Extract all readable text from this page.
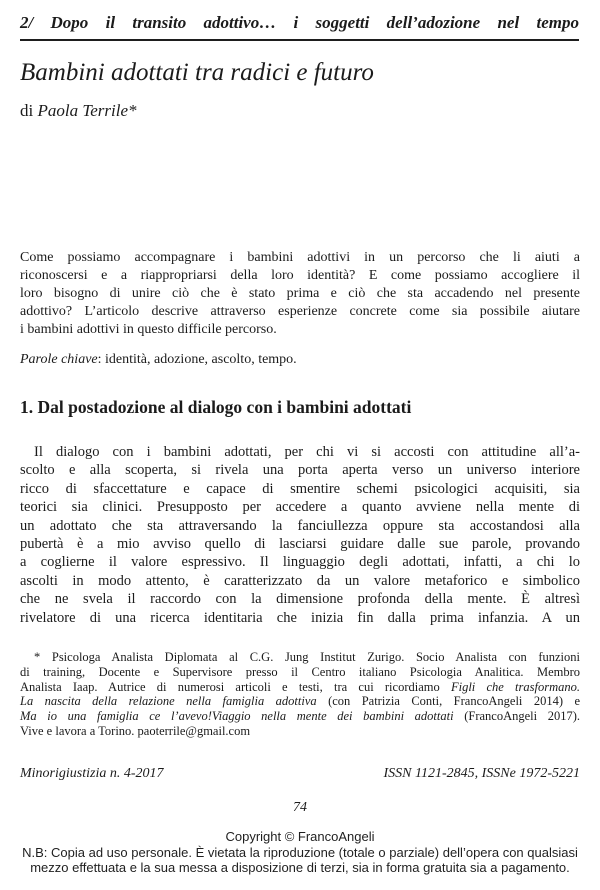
2/ Dopo il transito adottivo… i soggetti dell’adozione nel tempo
Bambini adottati tra radici e futuro
di Paola Terrile*
Come possiamo accompagnare i bambini adottivi in un percorso che li aiuti a
riconoscersi e a riappropriarsi della loro identità? E come possiamo accogliere il
loro bisogno di unire ciò che è stato prima e ciò che sta accadendo nel presente
adottivo? L’articolo descrive attraverso esperienze concrete come sia possibile aiutare
i bambini adottivi in questo difficile percorso.
Parole chiave: identità, adozione, ascolto, tempo.
1. Dal postadozione al dialogo con i bambini adottati
Il dialogo con i bambini adottati, per chi vi si accosti con attitudine all’a-
scolto e alla scoperta, si rivela una porta aperta verso un universo interiore
ricco di sfaccettature e capace di smentire schemi psicologici acquisiti, sia
teorici sia clinici. Presupposto per accedere a quanto avviene nella mente di
un adottato che sta attraversando la fanciullezza oppure sta accostandosi alla
pubertà è a mio avviso quello di lasciarsi guidare dalle sue parole, provando
a coglierne il valore espressivo. Il linguaggio degli adottati, infatti, a chi lo
ascolti in modo attento, è caratterizzato da un valore metaforico e simbolico
che ne svela il raccordo con la dimensione profonda della mente. È altresì
rivelatore di una ricerca identitaria che inizia fin dalla prima infanzia. A un
* Psicologa Analista Diplomata al C.G. Jung Institut Zurigo. Socio Analista con funzioni
di training, Docente e Supervisore presso il Centro italiano Psicologia Analitica. Membro
Analista Iaap. Autrice di numerosi articoli e testi, tra cui ricordiamo Figli che trasformano.
La nascita della relazione nella famiglia adottiva (con Patrizia Conti, FrancoAngeli 2014) e
Ma io una famiglia ce l’avevo!Viaggio nella mente dei bambini adottati (FrancoAngeli 2017).
Vive e lavora a Torino. paoterrile@gmail.com
Minorigiustizia n. 4-2017	ISSN 1121-2845, ISSNe 1972-5221
74
Copyright © FrancoAngeli
N.B: Copia ad uso personale. È vietata la riproduzione (totale o parziale) dell’opera con qualsiasi
mezzo effettuata e la sua messa a disposizione di terzi, sia in forma gratuita sia a pagamento.
